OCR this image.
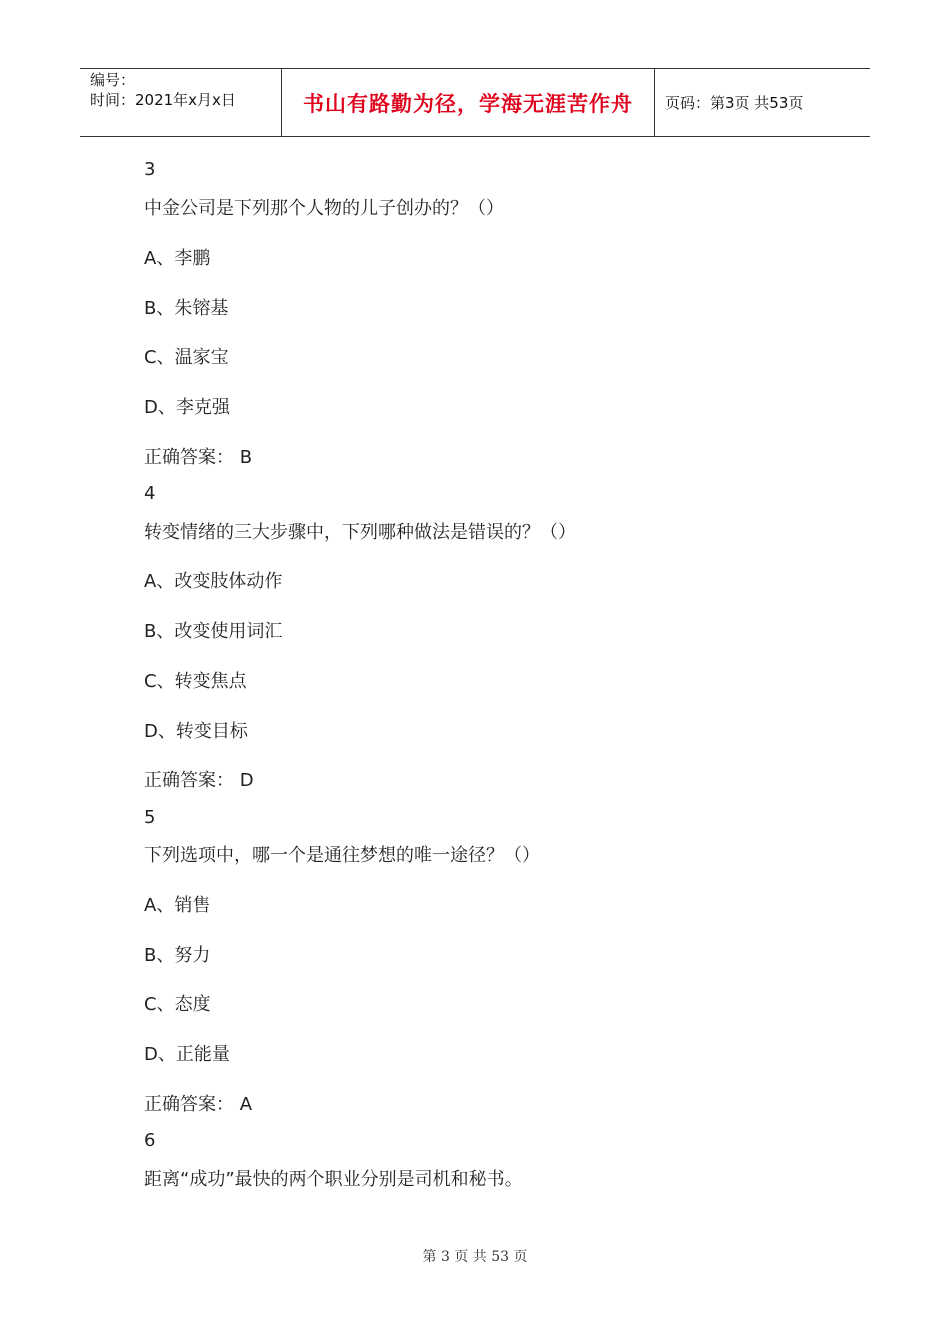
编号：
时间：2021年x月x日	书山有路勤为径，学海无涯苦作舟	页码：第3页 共53页
3
中金公司是下列那个人物的儿子创办的？（）
A、李鹏
B、朱镕基
C、温家宝
D、李克强
正确答案： B
4
转变情绪的三大步骤中，下列哪种做法是错误的？（）
A、改变肢体动作
B、改变使用词汇
C、转变焦点
D、转变目标
正确答案： D
5
下列选项中，哪一个是通往梦想的唯一途径？（）
A、销售
B、努力
C、态度
D、正能量
正确答案： A
6
距离“成功”最快的两个职业分别是司机和秘书。
第 3 页 共 53 页
